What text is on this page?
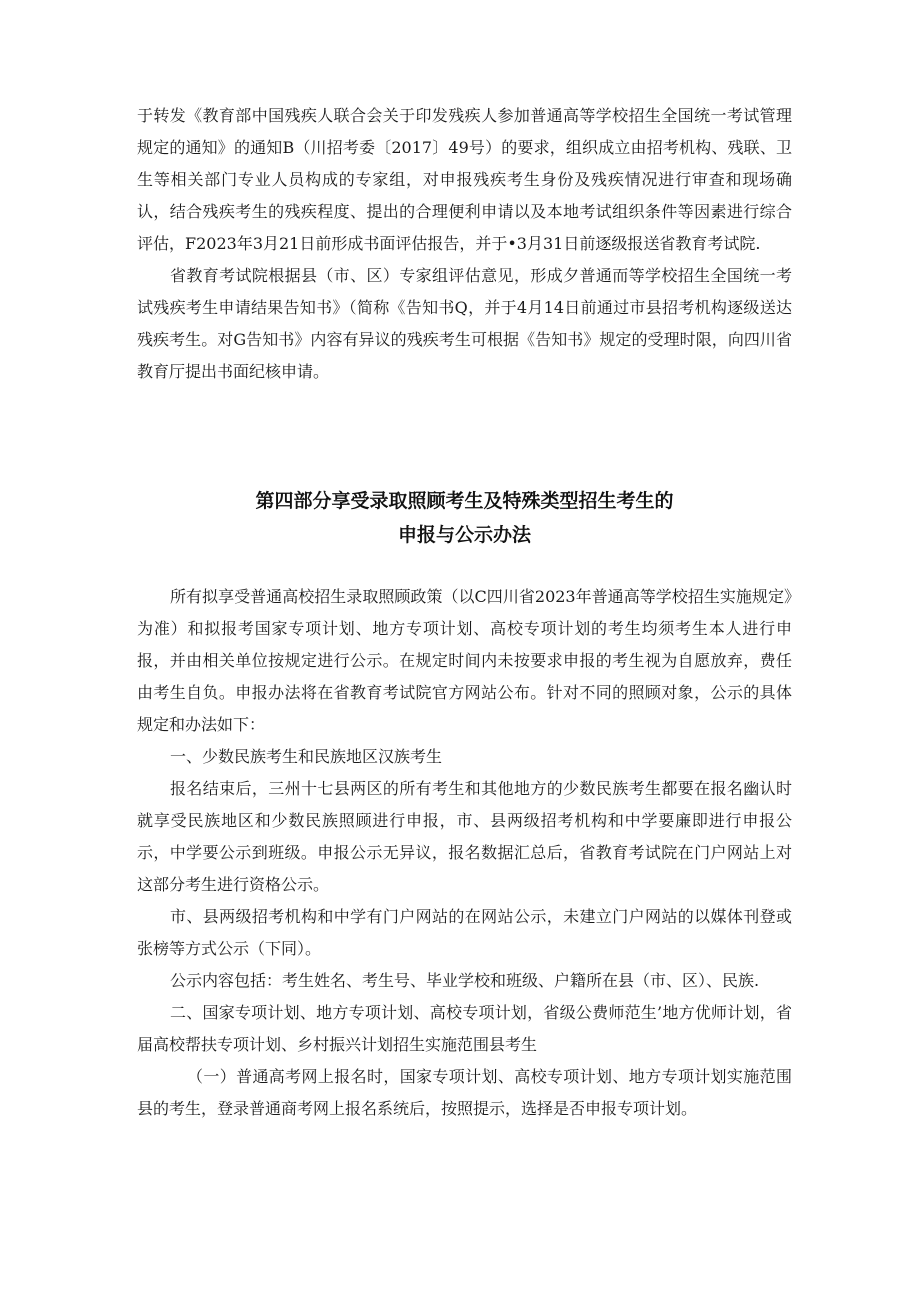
于转发《教育部中国残疾人联合会关于印发残疾人参加普通高等学校招生全国统一考试管理规定的通知》的通知B（川招考委〔2017〕49号）的要求，组织成立由招考机构、残联、卫生等相关部门专业人员构成的专家组，对申报残疾考生身份及残疾情况进行审查和现场确认，结合残疾考生的残疾程度、提出的合理便利申请以及本地考试组织条件等因素进行综合评估，F2023年3月21日前形成书面评估报告，并于•3月31日前逐级报送省教育考试院.

省教育考试院根据县（市、区）专家组评估意见，形成夕普通而等学校招生全国统一考试残疾考生申请结果告知书》（简称《告知书Q，并于4月14日前通过市县招考机构逐级送达残疾考生。对G告知书》内容有异议的残疾考生可根据《告知书》规定的受理时限，向四川省教育厅提出书面纪核申请。

第四部分享受录取照顾考生及特殊类型招生考生的

申报与公示办法

所有拟享受普通高校招生录取照顾政策（以C四川省2023年普通高等学校招生实施规定》为准）和拟报考国家专项计划、地方专项计划、高校专项计划的考生均须考生本人进行申报，并由相关单位按规定进行公示。在规定时间内未按要求申报的考生视为自愿放弃，费任由考生自负。申报办法将在省教育考试院官方网站公布。针对不同的照顾对象，公示的具体规定和办法如下：

一、少数民族考生和民族地区汉族考生

报名结束后，三州十七县两区的所有考生和其他地方的少数民族考生都要在报名幽认时就享受民族地区和少数民族照顾进行申报，市、县两级招考机构和中学要廉即进行申报公示，中学要公示到班级。申报公示无异议，报名数据汇总后，省教育考试院在门户网站上对这部分考生进行资格公示。

市、县两级招考机构和中学有门户网站的在网站公示，未建立门户网站的以媒体刊登或张榜等方式公示（下同）。

公示内容包括：考生姓名、考生号、毕业学校和班级、户籍所在县（市、区）、民族.

二、国家专项计划、地方专项计划、高校专项计划，省级公费师范生’地方优师计划，省届高校帮扶专项计划、乡村振兴计划招生实施范围县考生

（一）普通高考网上报名时，国家专项计划、高校专项计划、地方专项计划实施范围县的考生，登录普通商考网上报名系统后，按照提示，选择是否申报专项计划。
